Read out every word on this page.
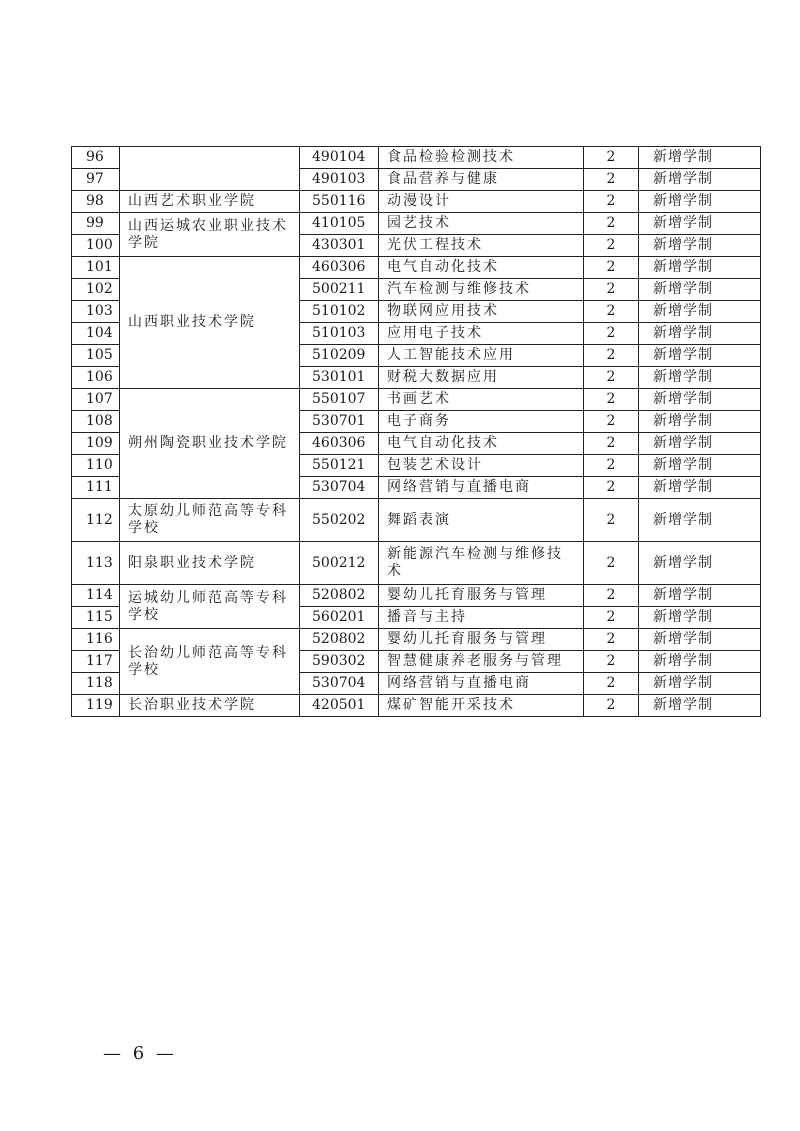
96		490104	食品检验检测技术	2	新增学制
97		490103	食品营养与健康	2	新增学制
98	山西艺术职业学院	550116	动漫设计	2	新增学制
99	山西运城农业职业技术学院	410105	园艺技术	2	新增学制
100		430301	光伏工程技术	2	新增学制
101	山西职业技术学院	460306	电气自动化技术	2	新增学制
102		500211	汽车检测与维修技术	2	新增学制
103		510102	物联网应用技术	2	新增学制
104		510103	应用电子技术	2	新增学制
105		510209	人工智能技术应用	2	新增学制
106		530101	财税大数据应用	2	新增学制
107	朔州陶瓷职业技术学院	550107	书画艺术	2	新增学制
108		530701	电子商务	2	新增学制
109		460306	电气自动化技术	2	新增学制
110		550121	包装艺术设计	2	新增学制
111		530704	网络营销与直播电商	2	新增学制
112	太原幼儿师范高等专科学校	550202	舞蹈表演	2	新增学制
113	阳泉职业技术学院	500212	新能源汽车检测与维修技术	2	新增学制
114	运城幼儿师范高等专科学校	520802	婴幼儿托育服务与管理	2	新增学制
115		560201	播音与主持	2	新增学制
116	长治幼儿师范高等专科学校	520802	婴幼儿托育服务与管理	2	新增学制
117		590302	智慧健康养老服务与管理	2	新增学制
118		530704	网络营销与直播电商	2	新增学制
119	长治职业技术学院	420501	煤矿智能开采技术	2	新增学制
— 6 —
